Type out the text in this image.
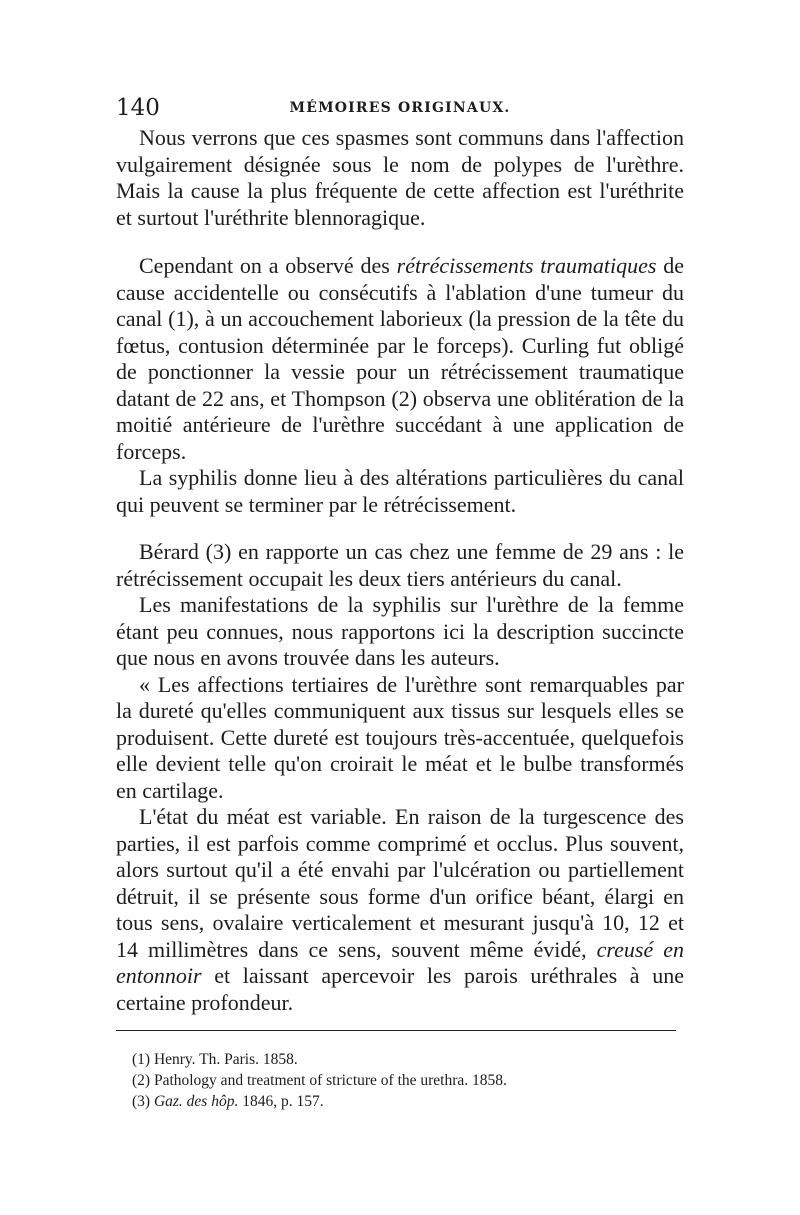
140	MÉMOIRES ORIGINAUX.

Nous verrons que ces spasmes sont communs dans l'affection vulgairement désignée sous le nom de polypes de l'urèthre. Mais la cause la plus fréquente de cette affection est l'uréthrite et surtout l'uréthrite blennoragique.

Cependant on a observé des rétrécissements traumatiques de cause accidentelle ou consécutifs à l'ablation d'une tumeur du canal (1), à un accouchement laborieux (la pression de la tête du fœtus, contusion déterminée par le forceps). Curling fut obligé de ponctionner la vessie pour un rétrécissement traumatique datant de 22 ans, et Thompson (2) observa une oblitération de la moitié antérieure de l'urèthre succédant à une application de forceps.

La syphilis donne lieu à des altérations particulières du canal qui peuvent se terminer par le rétrécissement.

Bérard (3) en rapporte un cas chez une femme de 29 ans : le rétrécissement occupait les deux tiers antérieurs du canal.

Les manifestations de la syphilis sur l'urèthre de la femme étant peu connues, nous rapportons ici la description succincte que nous en avons trouvée dans les auteurs.

« Les affections tertiaires de l'urèthre sont remarquables par la dureté qu'elles communiquent aux tissus sur lesquels elles se produisent. Cette dureté est toujours très-accentuée, quelquefois elle devient telle qu'on croirait le méat et le bulbe transformés en cartilage.

L'état du méat est variable. En raison de la turgescence des parties, il est parfois comme comprimé et occlus. Plus souvent, alors surtout qu'il a été envahi par l'ulcération ou partiellement détruit, il se présente sous forme d'un orifice béant, élargi en tous sens, ovalaire verticalement et mesurant jusqu'à 10, 12 et 14 millimètres dans ce sens, souvent même évidé, creusé en entonnoir et laissant apercevoir les parois uréthrales à une certaine profondeur.

(1) Henry. Th. Paris. 1858.

(2) Pathology and treatment of stricture of the urethra. 1858.

(3) Gaz. des hôp. 1846, p. 157.
